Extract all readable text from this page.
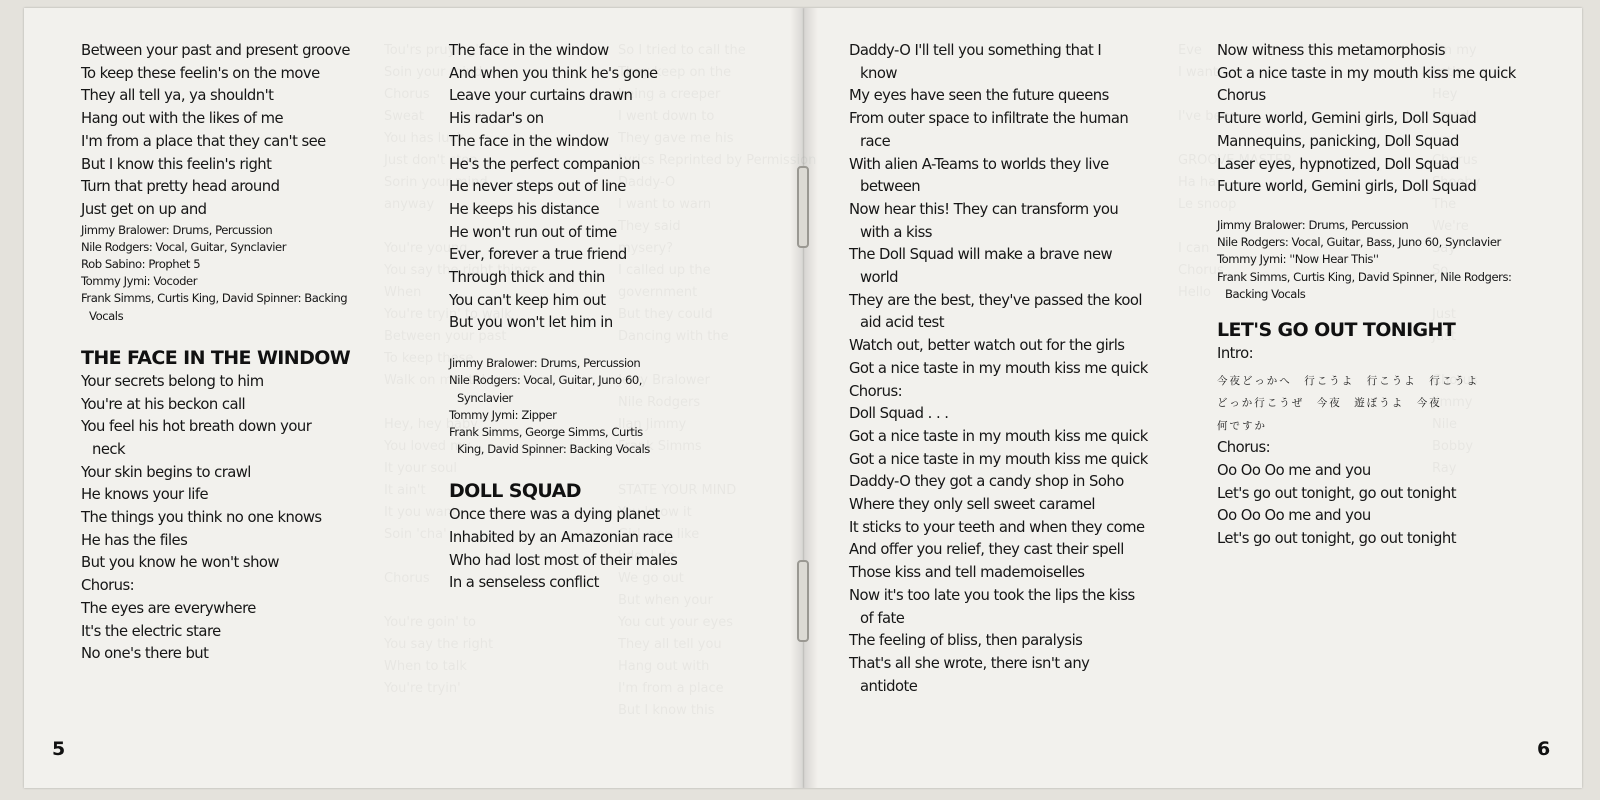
Between your past and present groove
To keep these feelin's on the move
They all tell ya, ya shouldn't
Hang out with the likes of me
I'm from a place that they can't see
But I know this feelin's right
Turn that pretty head around
Just get on up and

Jimmy Bralower: Drums, Percussion
Nile Rodgers: Vocal, Guitar, Synclavier
Rob Sabino: Prophet 5
Tommy Jymi: Vocoder
Frank Simms, Curtis King, David Spinner: Backing
Vocals

THE FACE IN THE WINDOW

Your secrets belong to him
You're at his beckon call
You feel his hot breath down your
neck
Your skin begins to crawl
He knows your life
The things you think no one knows
He has the files
But you know he won't show

Chorus:
The eyes are everywhere
It's the electric stare
No one's there but

The face in the window
And when you think he's gone
Leave your curtains drawn
His radar's on
The face in the window

He's the perfect companion
He never steps out of line
He keeps his distance
He won't run out of time
Ever, forever a true friend
Through thick and thin
You can't keep him out
But you won't let him in

Jimmy Bralower: Drums, Percussion
Nile Rodgers: Vocal, Guitar, Juno 60,
Synclavier
Tommy Jymi: Zipper
Frank Simms, George Simms, Curtis
King, David Spinner: Backing Vocals

DOLL SQUAD

Once there was a dying planet
Inhabited by an Amazonian race
Who had lost most of their males
In a senseless conflict

Daddy-O I'll tell you something that I
know
My eyes have seen the future queens
From outer space to infiltrate the human
race
With alien A-Teams to worlds they live
between
Now hear this! They can transform you
with a kiss
The Doll Squad will make a brave new
world
They are the best, they've passed the kool
aid acid test
Watch out, better watch out for the girls
Got a nice taste in my mouth kiss me quick

Chorus:
Doll Squad . . .
Got a nice taste in my mouth kiss me quick
Got a nice taste in my mouth kiss me quick

Daddy-O they got a candy shop in Soho
Where they only sell sweet caramel
It sticks to your teeth and when they come
And offer you relief, they cast their spell
Those kiss and tell mademoiselles
Now it's too late you took the lips the kiss
of fate
The feeling of bliss, then paralysis
That's all she wrote, there isn't any
antidote

Now witness this metamorphosis
Got a nice taste in my mouth kiss me quick

Chorus

Future world, Gemini girls, Doll Squad
Mannequins, panicking, Doll Squad
Laser eyes, hypnotized, Doll Squad
Future world, Gemini girls, Doll Squad

Jimmy Bralower: Drums, Percussion
Nile Rodgers: Vocal, Guitar, Bass, Juno 60, Synclavier
Tommy Jymi: ''Now Hear This''
Frank Simms, Curtis King, David Spinner, Nile Rodgers:
Backing Vocals

LET'S GO OUT TONIGHT

Intro:

今夜どっかへ　行こうよ　行こうよ　行こうよ
どっか行こうぜ　今夜　遊ぼうよ　今夜
何ですか

Chorus:
Oo Oo Oo me and you
Let's go out tonight, go out tonight
Oo Oo Oo me and you
Let's go out tonight, go out tonight

5	6
